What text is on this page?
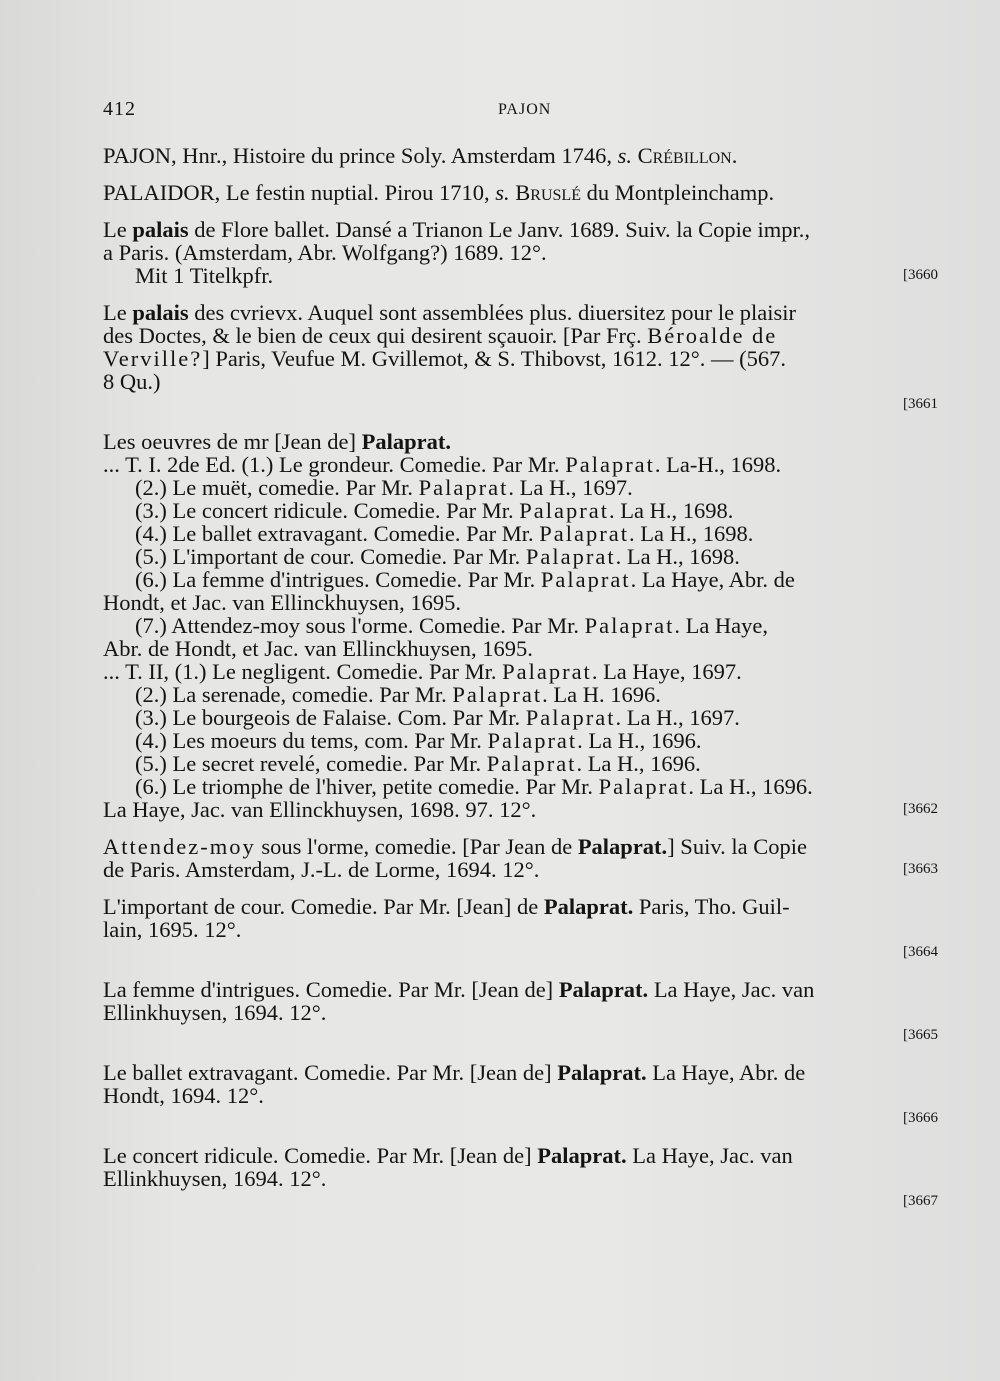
412	PAJON
PAJON, Hnr., Histoire du prince Soly. Amsterdam 1746, s. Crébillon.
PALAIDOR, Le festin nuptial. Pirou 1710, s. Bruslé du Montpleinchamp.
Le palais de Flore ballet. Dansé a Trianon Le Janv. 1689. Suiv. la Copie impr.,
a Paris. (Amsterdam, Abr. Wolfgang?) 1689. 12°.
Mit 1 Titelkpfr.	[3660
Le palais des cvrievx. Auquel sont assemblées plus. diuersitez pour le plaisir
des Doctes, & le bien de ceux qui desirent sçauoir. [Par Frç. Béroalde de
Verville?] Paris, Veufue M. Gvillemot, & S. Thibovst, 1612. 12°. — (567.
8 Qu.)
[3661
Les oeuvres de mr [Jean de] Palaprat.
... T. I. 2de Ed. (1.) Le grondeur. Comedie. Par Mr. Palaprat. La-H., 1698.
(2.) Le muët, comedie. Par Mr. Palaprat. La H., 1697.
(3.) Le concert ridicule. Comedie. Par Mr. Palaprat. La H., 1698.
(4.) Le ballet extravagant. Comedie. Par Mr. Palaprat. La H., 1698.
(5.) L'important de cour. Comedie. Par Mr. Palaprat. La H., 1698.
(6.) La femme d'intrigues. Comedie. Par Mr. Palaprat. La Haye, Abr. de
Hondt, et Jac. van Ellinckhuysen, 1695.
(7.) Attendez-moy sous l'orme. Comedie. Par Mr. Palaprat. La Haye,
Abr. de Hondt, et Jac. van Ellinckhuysen, 1695.
... T. II, (1.) Le negligent. Comedie. Par Mr. Palaprat. La Haye, 1697.
(2.) La serenade, comedie. Par Mr. Palaprat. La H. 1696.
(3.) Le bourgeois de Falaise. Com. Par Mr. Palaprat. La H., 1697.
(4.) Les moeurs du tems, com. Par Mr. Palaprat. La H., 1696.
(5.) Le secret revelé, comedie. Par Mr. Palaprat. La H., 1696.
(6.) Le triomphe de l'hiver, petite comedie. Par Mr. Palaprat. La H., 1696.
La Haye, Jac. van Ellinckhuysen, 1698. 97. 12°.	[3662
Attendez-moy sous l'orme, comedie. [Par Jean de Palaprat.] Suiv. la Copie
de Paris. Amsterdam, J.-L. de Lorme, 1694. 12°.	[3663
L'important de cour. Comedie. Par Mr. [Jean] de Palaprat. Paris, Tho. Guil-
lain, 1695. 12°.
[3664
La femme d'intrigues. Comedie. Par Mr. [Jean de] Palaprat. La Haye, Jac. van
Ellinkhuysen, 1694. 12°.
[3665
Le ballet extravagant. Comedie. Par Mr. [Jean de] Palaprat. La Haye, Abr. de
Hondt, 1694. 12°.
[3666
Le concert ridicule. Comedie. Par Mr. [Jean de] Palaprat. La Haye, Jac. van
Ellinkhuysen, 1694. 12°.
[3667
